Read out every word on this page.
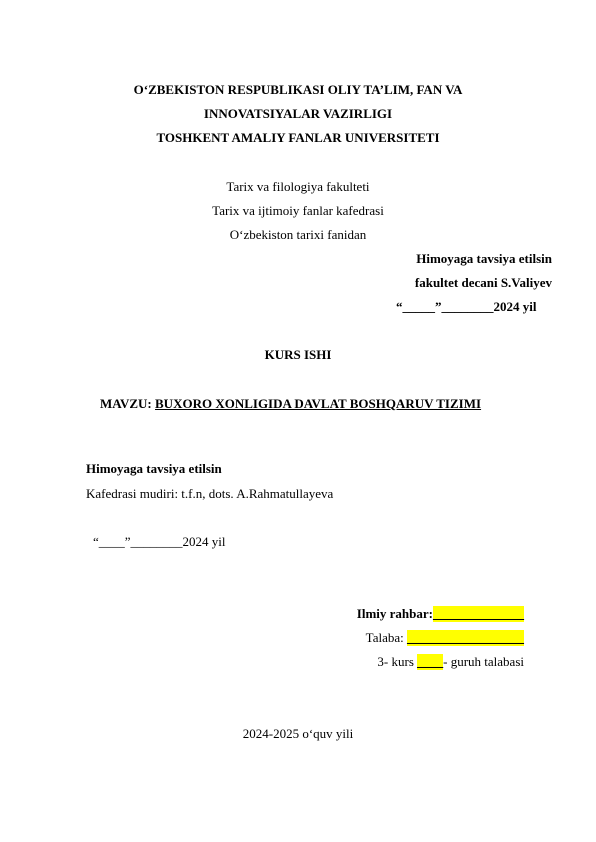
O‘ZBEKISTON RESPUBLIKASI OLIY TA’LIM, FAN VA
INNOVATSIYALAR VAZIRLIGI
TOSHKENT AMALIY FANLAR UNIVERSITETI
Tarix va filologiya fakulteti
Tarix va ijtimoiy fanlar kafedrasi
O‘zbekiston tarixi fanidan
Himoyaga tavsiya etilsin
fakultet decani S.Valiyev
“_____”________2024 yil
KURS ISHI
MAVZU: BUXORO XONLIGIDA DAVLAT BOSHQARUV TIZIMI
Himoyaga tavsiya etilsin
Kafedrasi mudiri: t.f.n, dots. A.Rahmatullayeva
“____”________2024 yil
Ilmiy rahbar:______________
Talaba: __________________
3- kurs ____- guruh talabasi
2024-2025 o‘quv yili
